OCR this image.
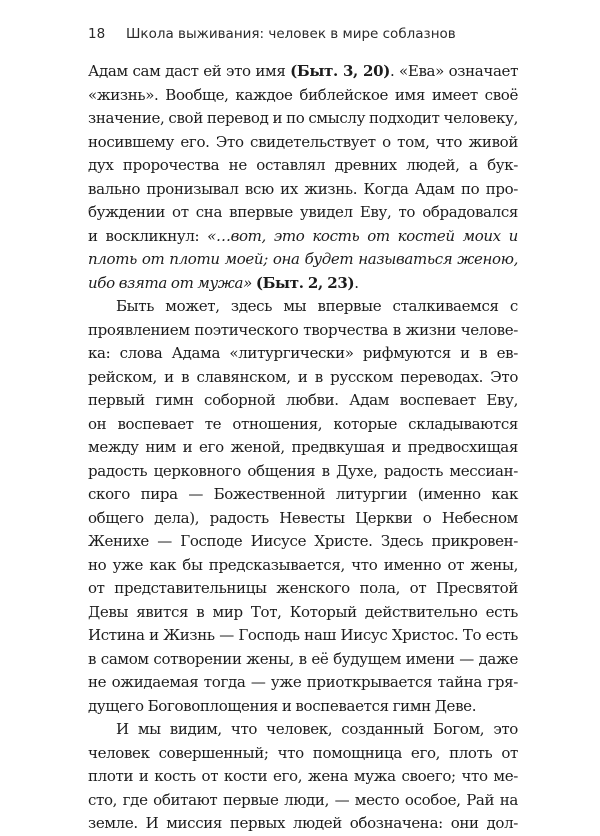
18 Школа выживания: человек в мире соблазнов
Адам сам даст ей это имя (Быт. 3, 20). «Ева» означает
«жизнь». Вообще, каждое библейское имя имеет своё
значение, свой перевод и по смыслу подходит человеку,
носившему его. Это свидетельствует о том, что живой
дух пророчества не оставлял древних людей, а бук-
вально пронизывал всю их жизнь. Когда Адам по про-
буждении от сна впервые увидел Еву, то обрадовался
и воскликнул: «…вот, это кость от костей моих и
плоть от плоти моей; она будет называться женою,
ибо взята от мужа» (Быт. 2, 23).
Быть может, здесь мы впервые сталкиваемся с
проявлением поэтического творчества в жизни челове-
ка: слова Адама «литургически» рифмуются и в ев-
рейском, и в славянском, и в русском переводах. Это
первый гимн соборной любви. Адам воспевает Еву,
он воспевает те отношения, которые складываются
между ним и его женой, предвкушая и предвосхищая
радость церковного общения в Духе, радость мессиан-
ского пира — Божественной литургии (именно как
общего дела), радость Невесты Церкви о Небесном
Женихе — Господе Иисусе Христе. Здесь прикровен-
но уже как бы предсказывается, что именно от жены,
от представительницы женского пола, от Пресвятой
Девы явится в мир Тот, Который действительно есть
Истина и Жизнь — Господь наш Иисус Христос. То есть
в самом сотворении жены, в её будущем имени — даже
не ожидаемая тогда — уже приоткрывается тайна гря-
дущего Боговоплощения и воспевается гимн Деве.
И мы видим, что человек, созданный Богом, это
человек совершенный; что помощница его, плоть от
плоти и кость от кости его, жена мужа своего; что ме-
сто, где обитают первые люди, — место особое, Рай на
земле. И миссия первых людей обозначена: они дол-
